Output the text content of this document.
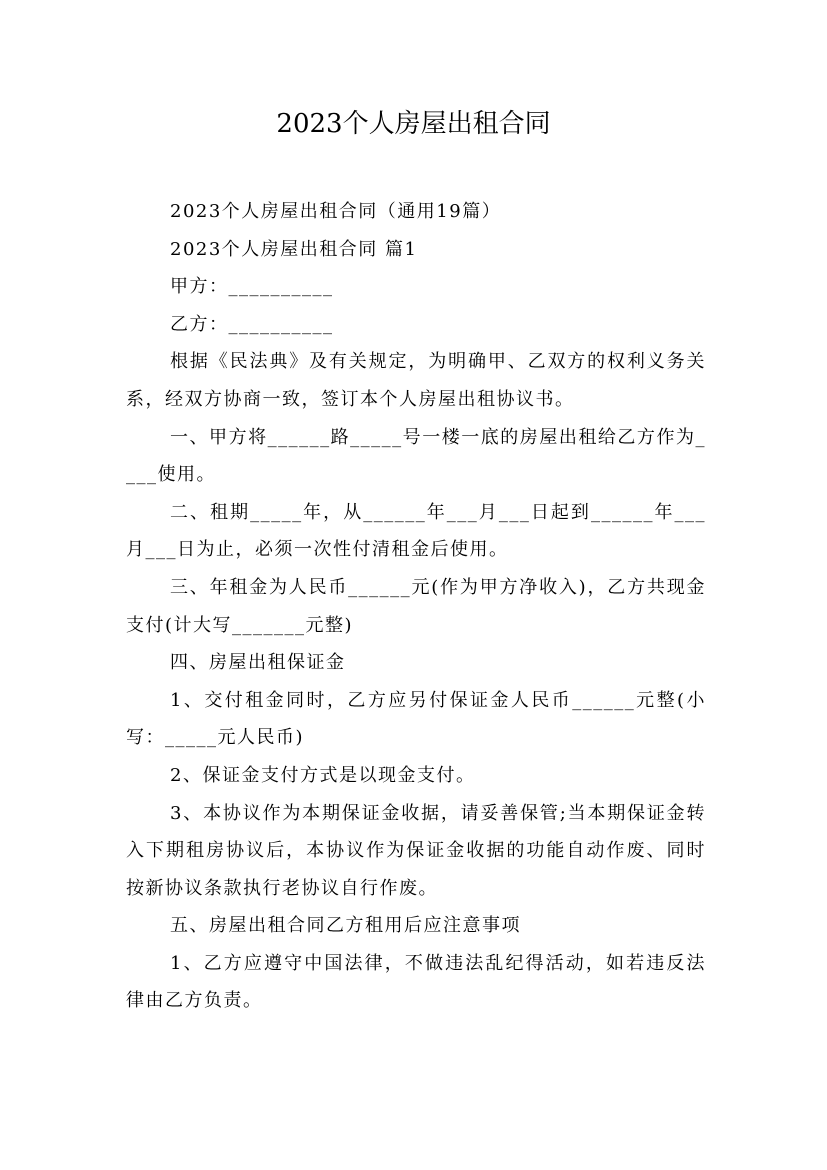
2023个人房屋出租合同

2023个人房屋出租合同（通用19篇）

2023个人房屋出租合同 篇1

甲方：__________

乙方：__________

根据《民法典》及有关规定，为明确甲、乙双方的权利义务关系，经双方协商一致，签订本个人房屋出租协议书。

一、甲方将______路_____号一楼一底的房屋出租给乙方作为____使用。

二、租期_____年，从______年___月___日起到______年___月___日为止，必须一次性付清租金后使用。

三、年租金为人民币______元(作为甲方净收入)，乙方共现金支付(计大写_______元整)

四、房屋出租保证金

1、交付租金同时，乙方应另付保证金人民币______元整(小写：_____元人民币)

2、保证金支付方式是以现金支付。

3、本协议作为本期保证金收据，请妥善保管;当本期保证金转入下期租房协议后，本协议作为保证金收据的功能自动作废、同时按新协议条款执行老协议自行作废。

五、房屋出租合同乙方租用后应注意事项

1、乙方应遵守中国法律，不做违法乱纪得活动，如若违反法律由乙方负责。
